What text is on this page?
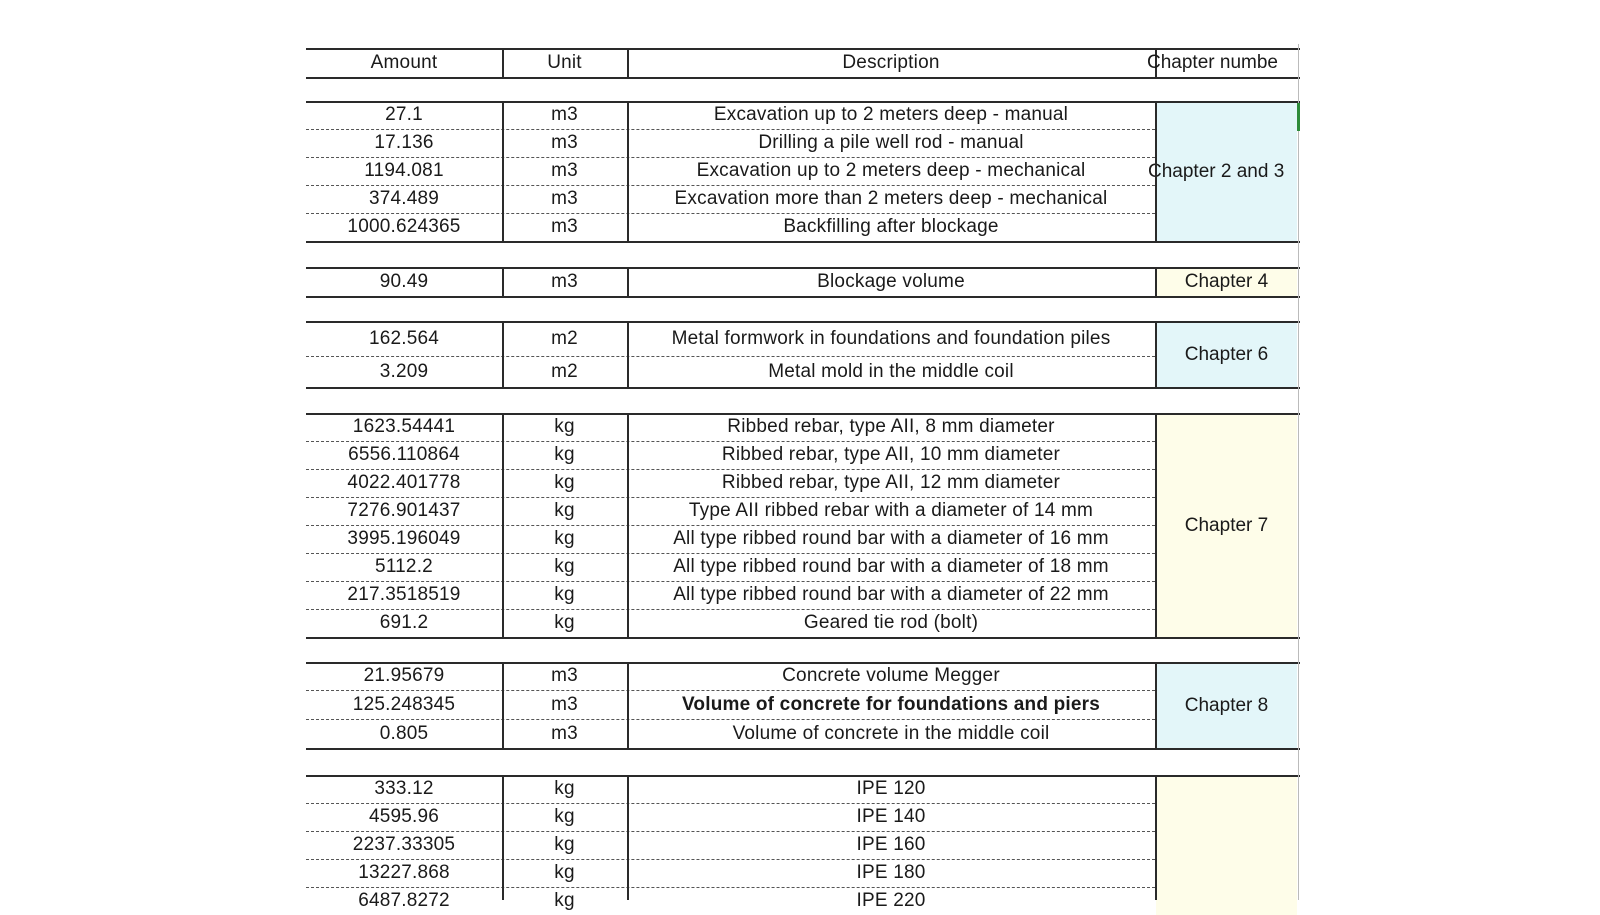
Amount	Unit	Description	Chapter numbe
Chapter 2 and 3
27.1	m3	Excavation up to 2 meters deep - manual
17.136	m3	Drilling a pile well rod - manual
1194.081	m3	Excavation up to 2 meters deep - mechanical
374.489	m3	Excavation more than 2 meters deep - mechanical
1000.624365	m3	Backfilling after blockage
Chapter 4
90.49	m3	Blockage volume
Chapter 6
162.564	m2	Metal formwork in foundations and foundation piles
3.209	m2	Metal mold in the middle coil
Chapter 7
1623.54441	kg	Ribbed rebar, type AII, 8 mm diameter
6556.110864	kg	Ribbed rebar, type AII, 10 mm diameter
4022.401778	kg	Ribbed rebar, type AII, 12 mm diameter
7276.901437	kg	Type AII ribbed rebar with a diameter of 14 mm
3995.196049	kg	All type ribbed round bar with a diameter of 16 mm
5112.2	kg	All type ribbed round bar with a diameter of 18 mm
217.3518519	kg	All type ribbed round bar with a diameter of 22 mm
691.2	kg	Geared tie rod (bolt)
Chapter 8
21.95679	m3	Concrete volume Megger
125.248345	m3	Volume of concrete for foundations and piers
0.805	m3	Volume of concrete in the middle coil
333.12	kg	IPE 120
4595.96	kg	IPE 140
2237.33305	kg	IPE 160
13227.868	kg	IPE 180
6487.8272	kg	IPE 220
